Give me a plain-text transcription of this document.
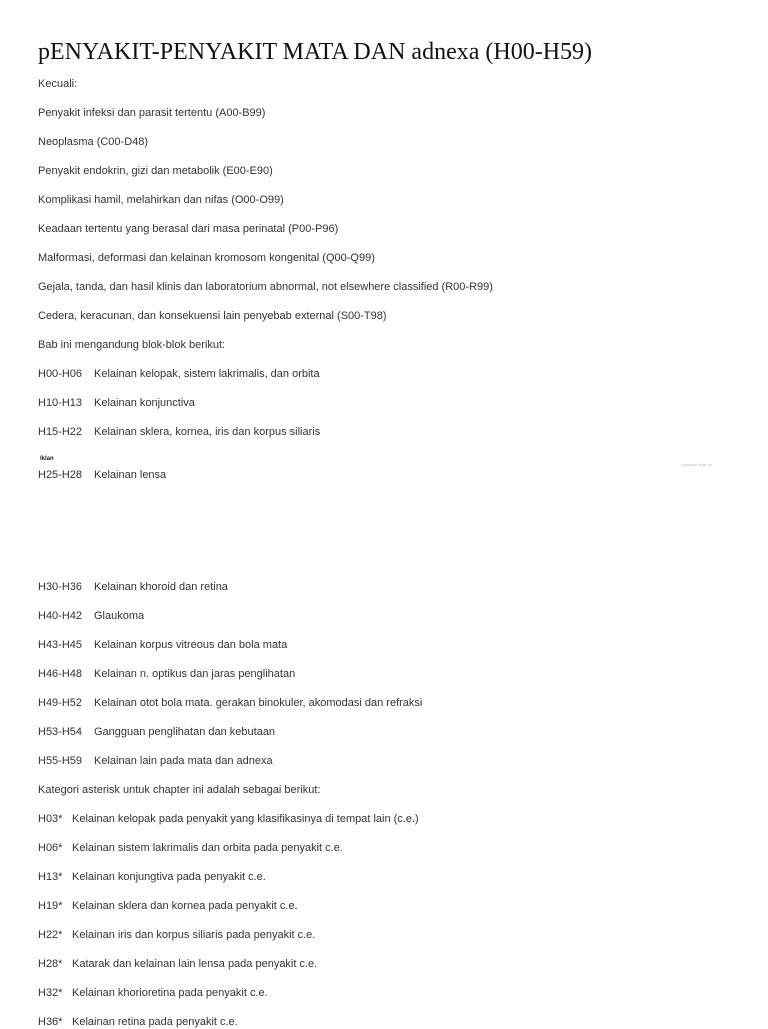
pENYAKIT-PENYAKIT MATA DAN adnexa (H00-H59)
Kecuali:
Penyakit infeksi dan parasit tertentu (A00-B99)
Neoplasma (C00-D48)
Penyakit endokrin, gizi dan metabolik (E00-E90)
Komplikasi hamil, melahirkan dan nifas (O00-O99)
Keadaan tertentu yang berasal dari masa perinatal (P00-P96)
Malformasi, deformasi dan kelainan kromosom kongenital (Q00-Q99)
Gejala, tanda, dan hasil klinis dan laboratorium abnormal, not elsewhere classified (R00-R99)
Cedera, keracunan, dan konsekuensi lain penyebab external (S00-T98)
Bab ini mengandung blok-blok berikut:
H00-H06 Kelainan kelopak, sistem lakrimalis, dan orbita
H10-H13 Kelainan konjunctiva
H15-H22 Kelainan sklera, kornea, iris dan korpus siliaris
Iklan
Laporkan iklan ini
H25-H28 Kelainan lensa
H30-H36 Kelainan khoroid dan retina
H40-H42 Glaukoma
H43-H45 Kelainan korpus vitreous dan bola mata
H46-H48 Kelainan n. optikus dan jaras penglihatan
H49-H52 Kelainan otot bola mata. gerakan binokuler, akomodasi dan refraksi
H53-H54 Gangguan penglihatan dan kebutaan
H55-H59 Kelainan lain pada mata dan adnexa
Kategori asterisk untuk chapter ini adalah sebagai berikut:
H03* Kelainan kelopak pada penyakit yang klasifikasinya di tempat lain (c.e.)
H06* Kelainan sistem lakrimalis dan orbita pada penyakit c.e.
H13* Kelainan konjungtiva pada penyakit c.e.
H19* Kelainan sklera dan kornea pada penyakit c.e.
H22* Kelainan iris dan korpus siliaris pada penyakit c.e.
H28* Katarak dan kelainan lain lensa pada penyakit c.e.
H32* Kelainan khorioretina pada penyakit c.e.
H36* Kelainan retina pada penyakit c.e.
